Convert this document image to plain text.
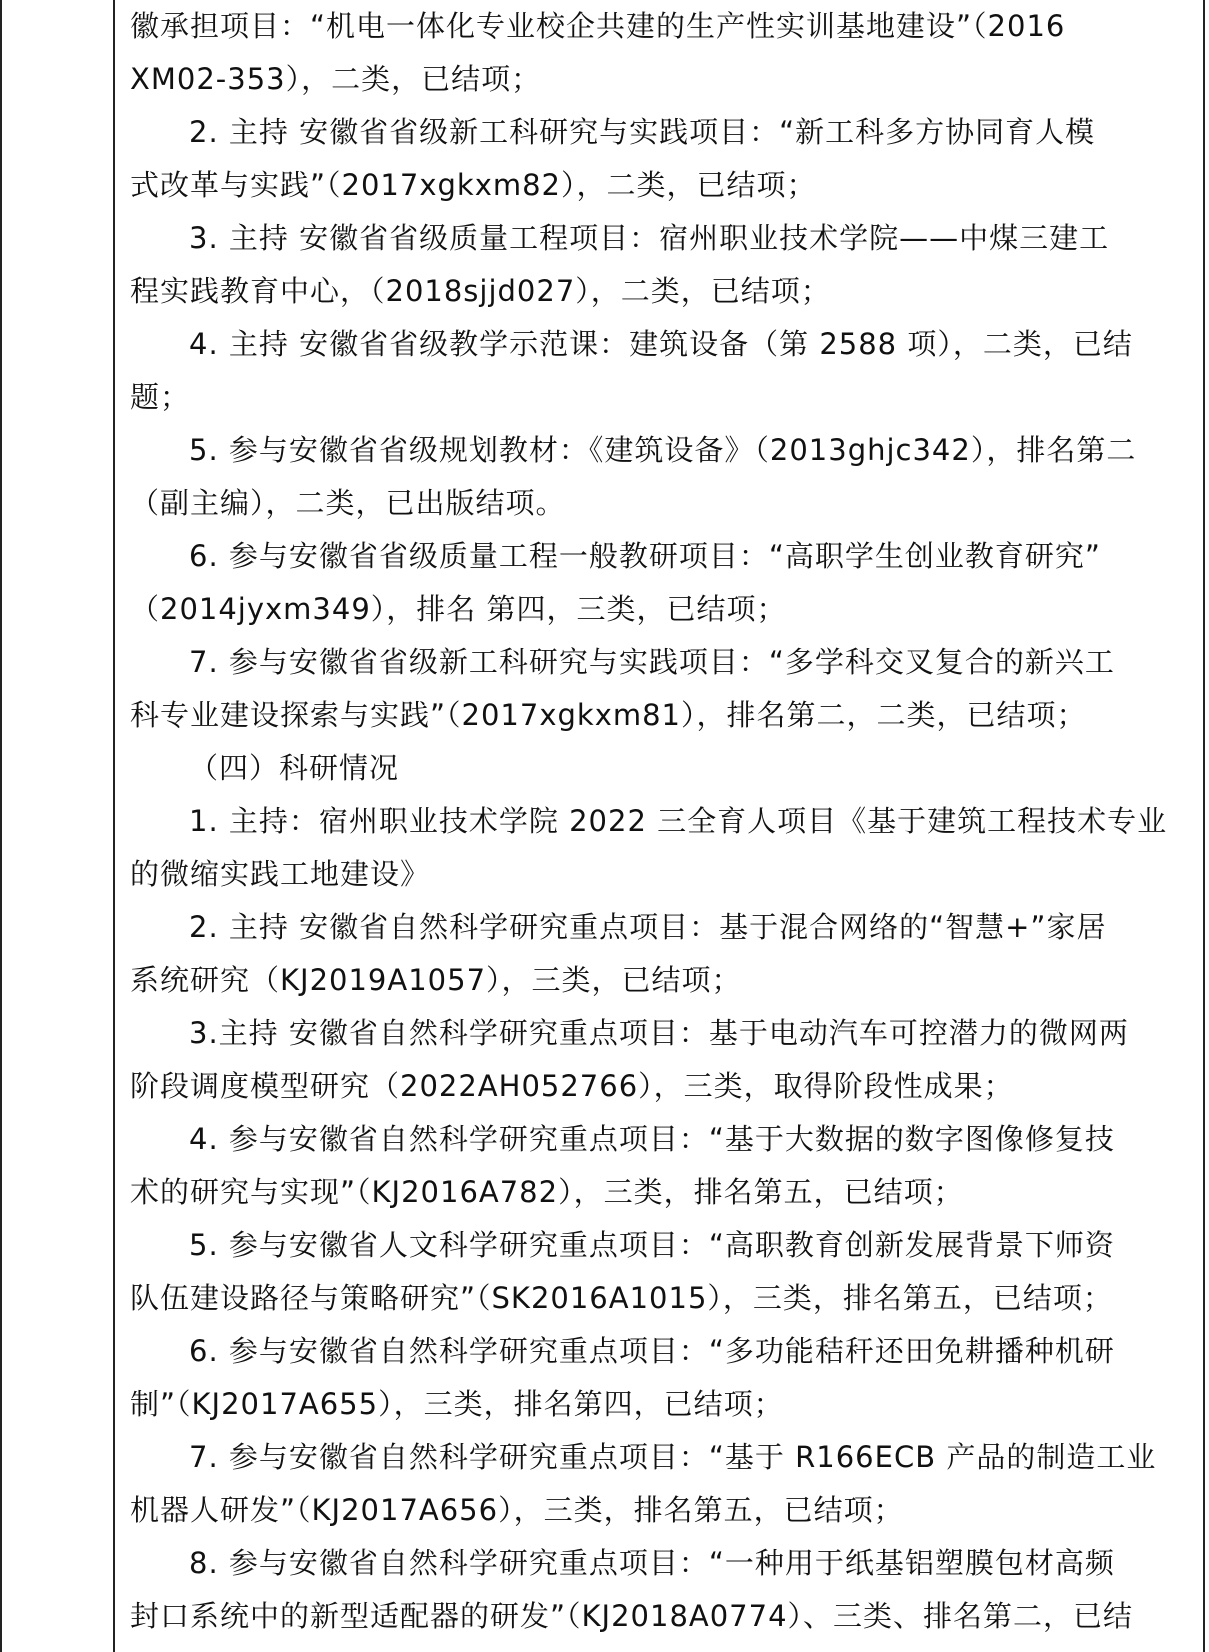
徽承担项目：“机电一体化专业校企共建的生产性实训基地建设”（2016
XM02-353），二类，已结项；
2. 主持 安徽省省级新工科研究与实践项目：“新工科多方协同育人模
式改革与实践”（2017xgkxm82），二类，已结项；
3. 主持 安徽省省级质量工程项目：宿州职业技术学院——中煤三建工
程实践教育中心，（2018sjjd027），二类，已结项；
4. 主持 安徽省省级教学示范课：建筑设备（第 2588 项），二类，已结
题；
5. 参与安徽省省级规划教材：《建筑设备》（2013ghjc342），排名第二
（副主编），二类，已出版结项。
6. 参与安徽省省级质量工程一般教研项目：“高职学生创业教育研究”
（2014jyxm349），排名 第四，三类，已结项；
7. 参与安徽省省级新工科研究与实践项目：“多学科交叉复合的新兴工
科专业建设探索与实践”（2017xgkxm81），排名第二，二类，已结项；
（四）科研情况
1. 主持：宿州职业技术学院 2022 三全育人项目《基于建筑工程技术专业
的微缩实践工地建设》
2. 主持 安徽省自然科学研究重点项目：基于混合网络的“智慧+”家居
系统研究（KJ2019A1057），三类，已结项；
3.主持 安徽省自然科学研究重点项目：基于电动汽车可控潜力的微网两
阶段调度模型研究（2022AH052766），三类，取得阶段性成果；
4. 参与安徽省自然科学研究重点项目：“基于大数据的数字图像修复技
术的研究与实现”（KJ2016A782），三类，排名第五，已结项；
5. 参与安徽省人文科学研究重点项目：“高职教育创新发展背景下师资
队伍建设路径与策略研究”（SK2016A1015），三类，排名第五，已结项；
6. 参与安徽省自然科学研究重点项目：“多功能秸秆还田免耕播种机研
制”（KJ2017A655），三类，排名第四，已结项；
7. 参与安徽省自然科学研究重点项目：“基于 R166ECB 产品的制造工业
机器人研发”（KJ2017A656），三类，排名第五，已结项；
8. 参与安徽省自然科学研究重点项目：“一种用于纸基铝塑膜包材高频
封口系统中的新型适配器的研发”（KJ2018A0774）、三类、排名第二，已结
